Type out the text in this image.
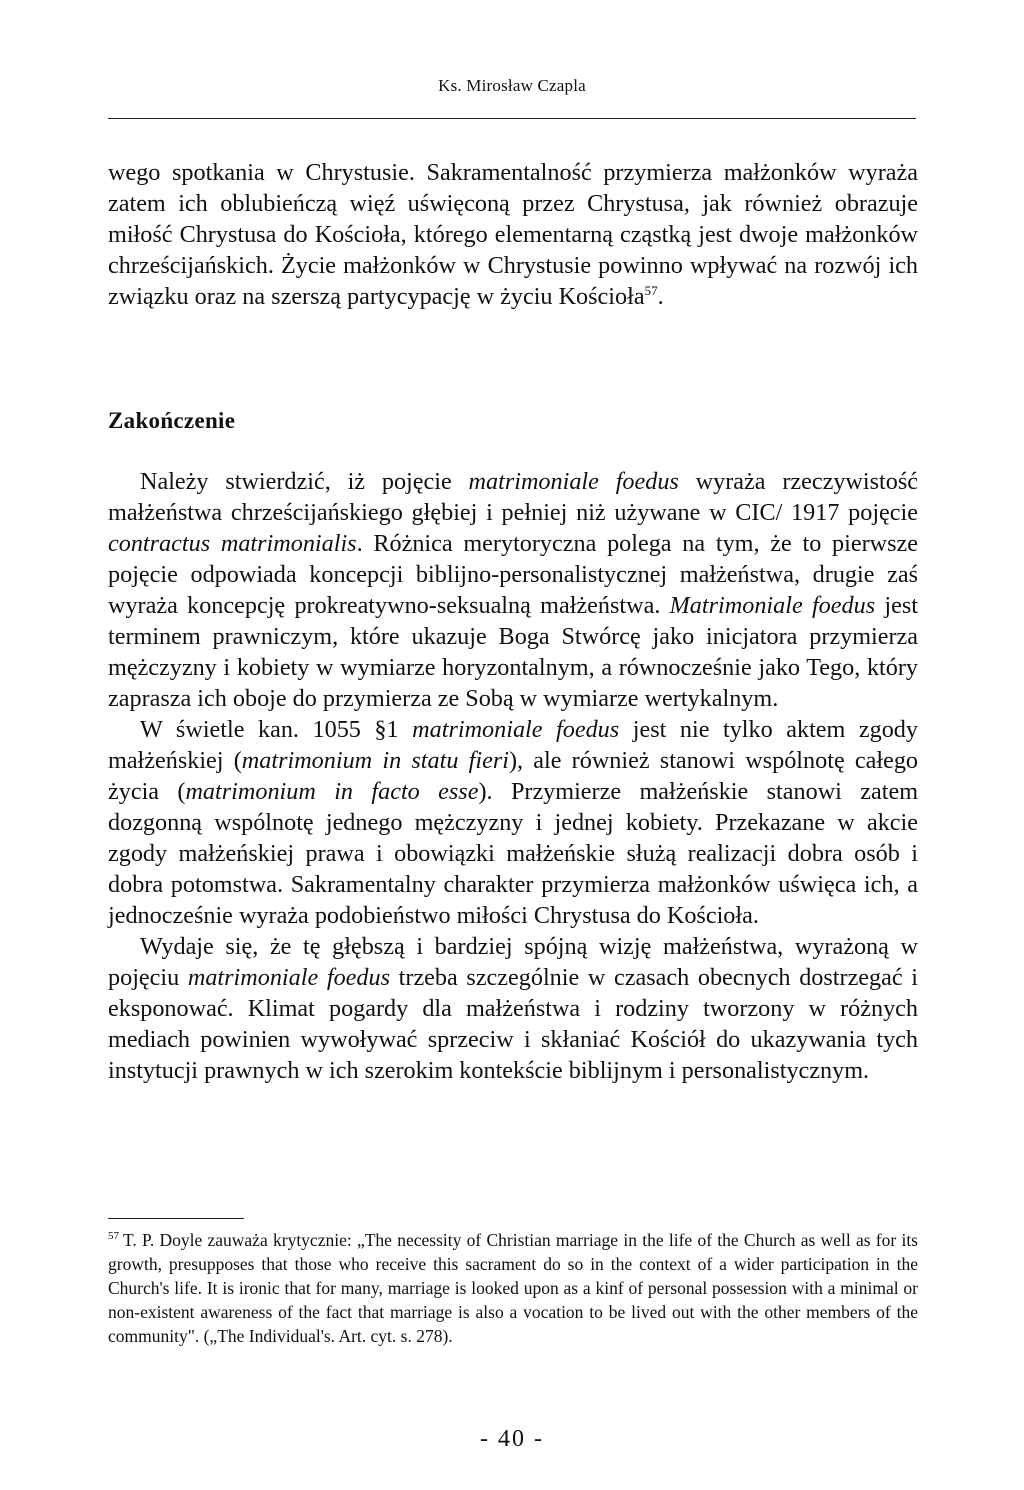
Ks. Mirosław Czapla

wego spotkania w Chrystusie. Sakramentalność przymierza małżonków wyraża zatem ich oblubieńczą więź uświęconą przez Chrystusa, jak również obrazuje miłość Chrystusa do Kościoła, którego elementarną cząstką jest dwoje małżonków chrześcijańskich. Życie małżonków w Chrystusie powinno wpływać na rozwój ich związku oraz na szerszą partycypację w życiu Kościoła$^{57}$.

Zakończenie

Należy stwierdzić, iż pojęcie matrimoniale foedus wyraża rzeczywistość małżeństwa chrześcijańskiego głębiej i pełniej niż używane w CIC/ 1917 pojęcie contractus matrimonialis. Różnica merytoryczna polega na tym, że to pierwsze pojęcie odpowiada koncepcji biblijno-personalistycznej małżeństwa, drugie zaś wyraża koncepcję prokreatywno-seksualną małżeństwa. Matrimoniale foedus jest terminem prawniczym, które ukazuje Boga Stwórcę jako inicjatora przymierza mężczyzny i kobiety w wymiarze horyzontalnym, a równocześnie jako Tego, który zaprasza ich oboje do przymierza ze Sobą w wymiarze wertykalnym.

W świetle kan. 1055 §1 matrimoniale foedus jest nie tylko aktem zgody małżeńskiej (matrimonium in statu fieri), ale również stanowi wspólnotę całego życia (matrimonium in facto esse). Przymierze małżeńskie stanowi zatem dozgonną wspólnotę jednego mężczyzny i jednej kobiety. Przekazane w akcie zgody małżeńskiej prawa i obowiązki małżeńskie służą realizacji dobra osób i dobra potomstwa. Sakramentalny charakter przymierza małżonków uświęca ich, a jednocześnie wyraża podobieństwo miłości Chrystusa do Kościoła.

Wydaje się, że tę głębszą i bardziej spójną wizję małżeństwa, wyrażoną w pojęciu matrimoniale foedus trzeba szczególnie w czasach obecnych dostrzegać i eksponować. Klimat pogardy dla małżeństwa i rodziny tworzony w różnych mediach powinien wywoływać sprzeciw i skłaniać Kościół do ukazywania tych instytucji prawnych w ich szerokim kontekście biblijnym i personalistycznym.

$^{57}$ T. P. Doyle zauważa krytycznie: „The necessity of Christian marriage in the life of the Church as well as for its growth, presupposes that those who receive this sacrament do so in the context of a wider participation in the Church's life. It is ironic that for many, marriage is looked upon as a kinf of personal possession with a minimal or non-existent awareness of the fact that marriage is also a vocation to be lived out with the other members of the community". („The Individual's. Art. cyt. s. 278).
- 40 -
